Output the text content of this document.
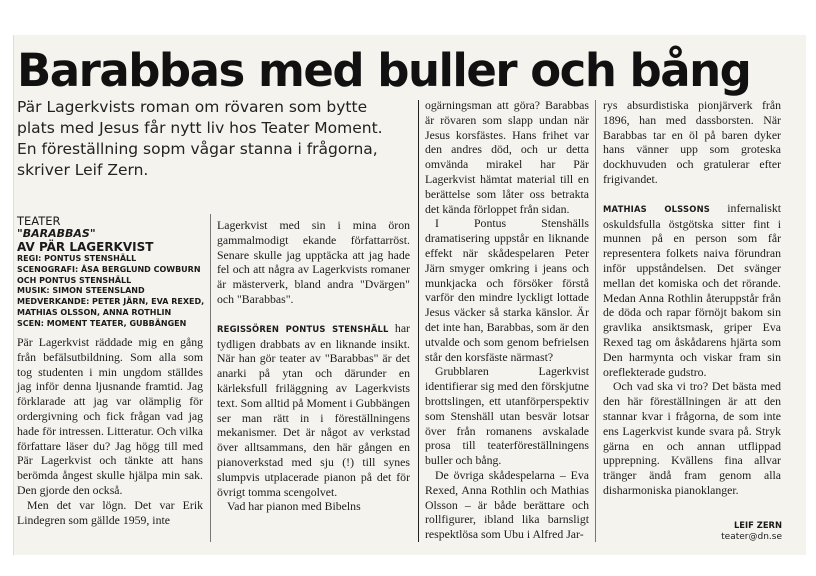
Barabbas med buller och bång

Pär Lagerkvists roman om rövaren som bytte plats med Jesus får nytt liv hos Teater Moment. En föreställning sopm vågar stanna i frågorna, skriver Leif Zern.

TEATER
"BARABBAS"
AV PÄR LAGERKVIST
REGI: PONTUS STENSHÄLL
SCENOGRAFI: ÅSA BERGLUND COWBURN OCH PONTUS STENSHÄLL
MUSIK: SIMON STEENSLAND
MEDVERKANDE: PETER JÄRN, EVA REXED, MATHIAS OLSSON, ANNA ROTHLIN
SCEN: MOMENT TEATER, GUBBÄNGEN

Pär Lagerkvist räddade mig en gång från befälsutbildning. Som alla som tog studenten i min ungdom ställdes jag inför denna ljusnande framtid. Jag förklarade att jag var olämplig för ordergivning och fick frågan vad jag hade för intressen. Litteratur. Och vilka författare läser du? Jag högg till med Pär Lagerkvist och tänkte att hans berömda ångest skulle hjälpa min sak. Den gjorde den också.

Men det var lögn. Det var Erik Lindegren som gällde 1959, inte

Lagerkvist med sin i mina öron gammalmodigt ekande författarröst. Senare skulle jag upptäcka att jag hade fel och att några av Lagerkvists romaner är mästerverk, bland andra "Dvärgen" och "Barabbas".

REGISSÖREN PONTUS STENSHÄLL har tydligen drabbats av en liknande insikt. När han gör teater av "Barabbas" är det anarki på ytan och därunder en kärleksfull friläggning av Lagerkvists text. Som alltid på Moment i Gubbängen ser man rätt in i föreställningens mekanismer. Det är något av verkstad över alltsammans, den här gången en pianoverkstad med sju (!) till synes slumpvis utplacerade pianon på det för övrigt tomma scengolvet.

Vad har pianon med Bibelns

ogärningsman att göra? Barabbas är rövaren som slapp undan när Jesus korsfästes. Hans frihet var den andres död, och ur detta omvända mirakel har Pär Lagerkvist hämtat material till en berättelse som låter oss betrakta det kända förloppet från sidan.

I Pontus Stenshälls dramatisering uppstår en liknande effekt när skådespelaren Peter Järn smyger omkring i jeans och munkjacka och försöker förstå varför den mindre lyckligt lottade Jesus väcker så starka känslor. Är det inte han, Barabbas, som är den utvalde och som genom befrielsen står den korsfäste närmast?

Grubblaren Lagerkvist identifierar sig med den förskjutne brottslingen, ett utanförperspektiv som Stenshäll utan besvär lotsar över från romanens avskalade prosa till teaterföreställningens buller och bång.

De övriga skådespelarna – Eva Rexed, Anna Rothlin och Mathias Olsson – är både berättare och rollfigurer, ibland lika barnsligt respektlösa som Ubu i Alfred Jar-

rys absurdistiska pionjärverk från 1896, han med dassborsten. När Barabbas tar en öl på baren dyker hans vänner upp som groteska dockhuvuden och gratulerar efter frigivandet.

MATHIAS OLSSONS infernaliskt oskuldsfulla östgötska sitter fint i munnen på en person som får representera folkets naiva förundran inför uppståndelsen. Det svänger mellan det komiska och det rörande. Medan Anna Rothlin återuppstår från de döda och rapar förnöjt bakom sin gravlika ansiktsmask, griper Eva Rexed tag om åskådarens hjärta som Den harmynta och viskar fram sin oreflekterade gudstro.

Och vad ska vi tro? Det bästa med den här föreställningen är att den stannar kvar i frågorna, de som inte ens Lagerkvist kunde svara på. Stryk gärna en och annan utflippad upprepning. Kvällens fina allvar tränger ändå fram genom alla disharmoniska pianoklanger.

LEIF ZERN
teater@dn.se
